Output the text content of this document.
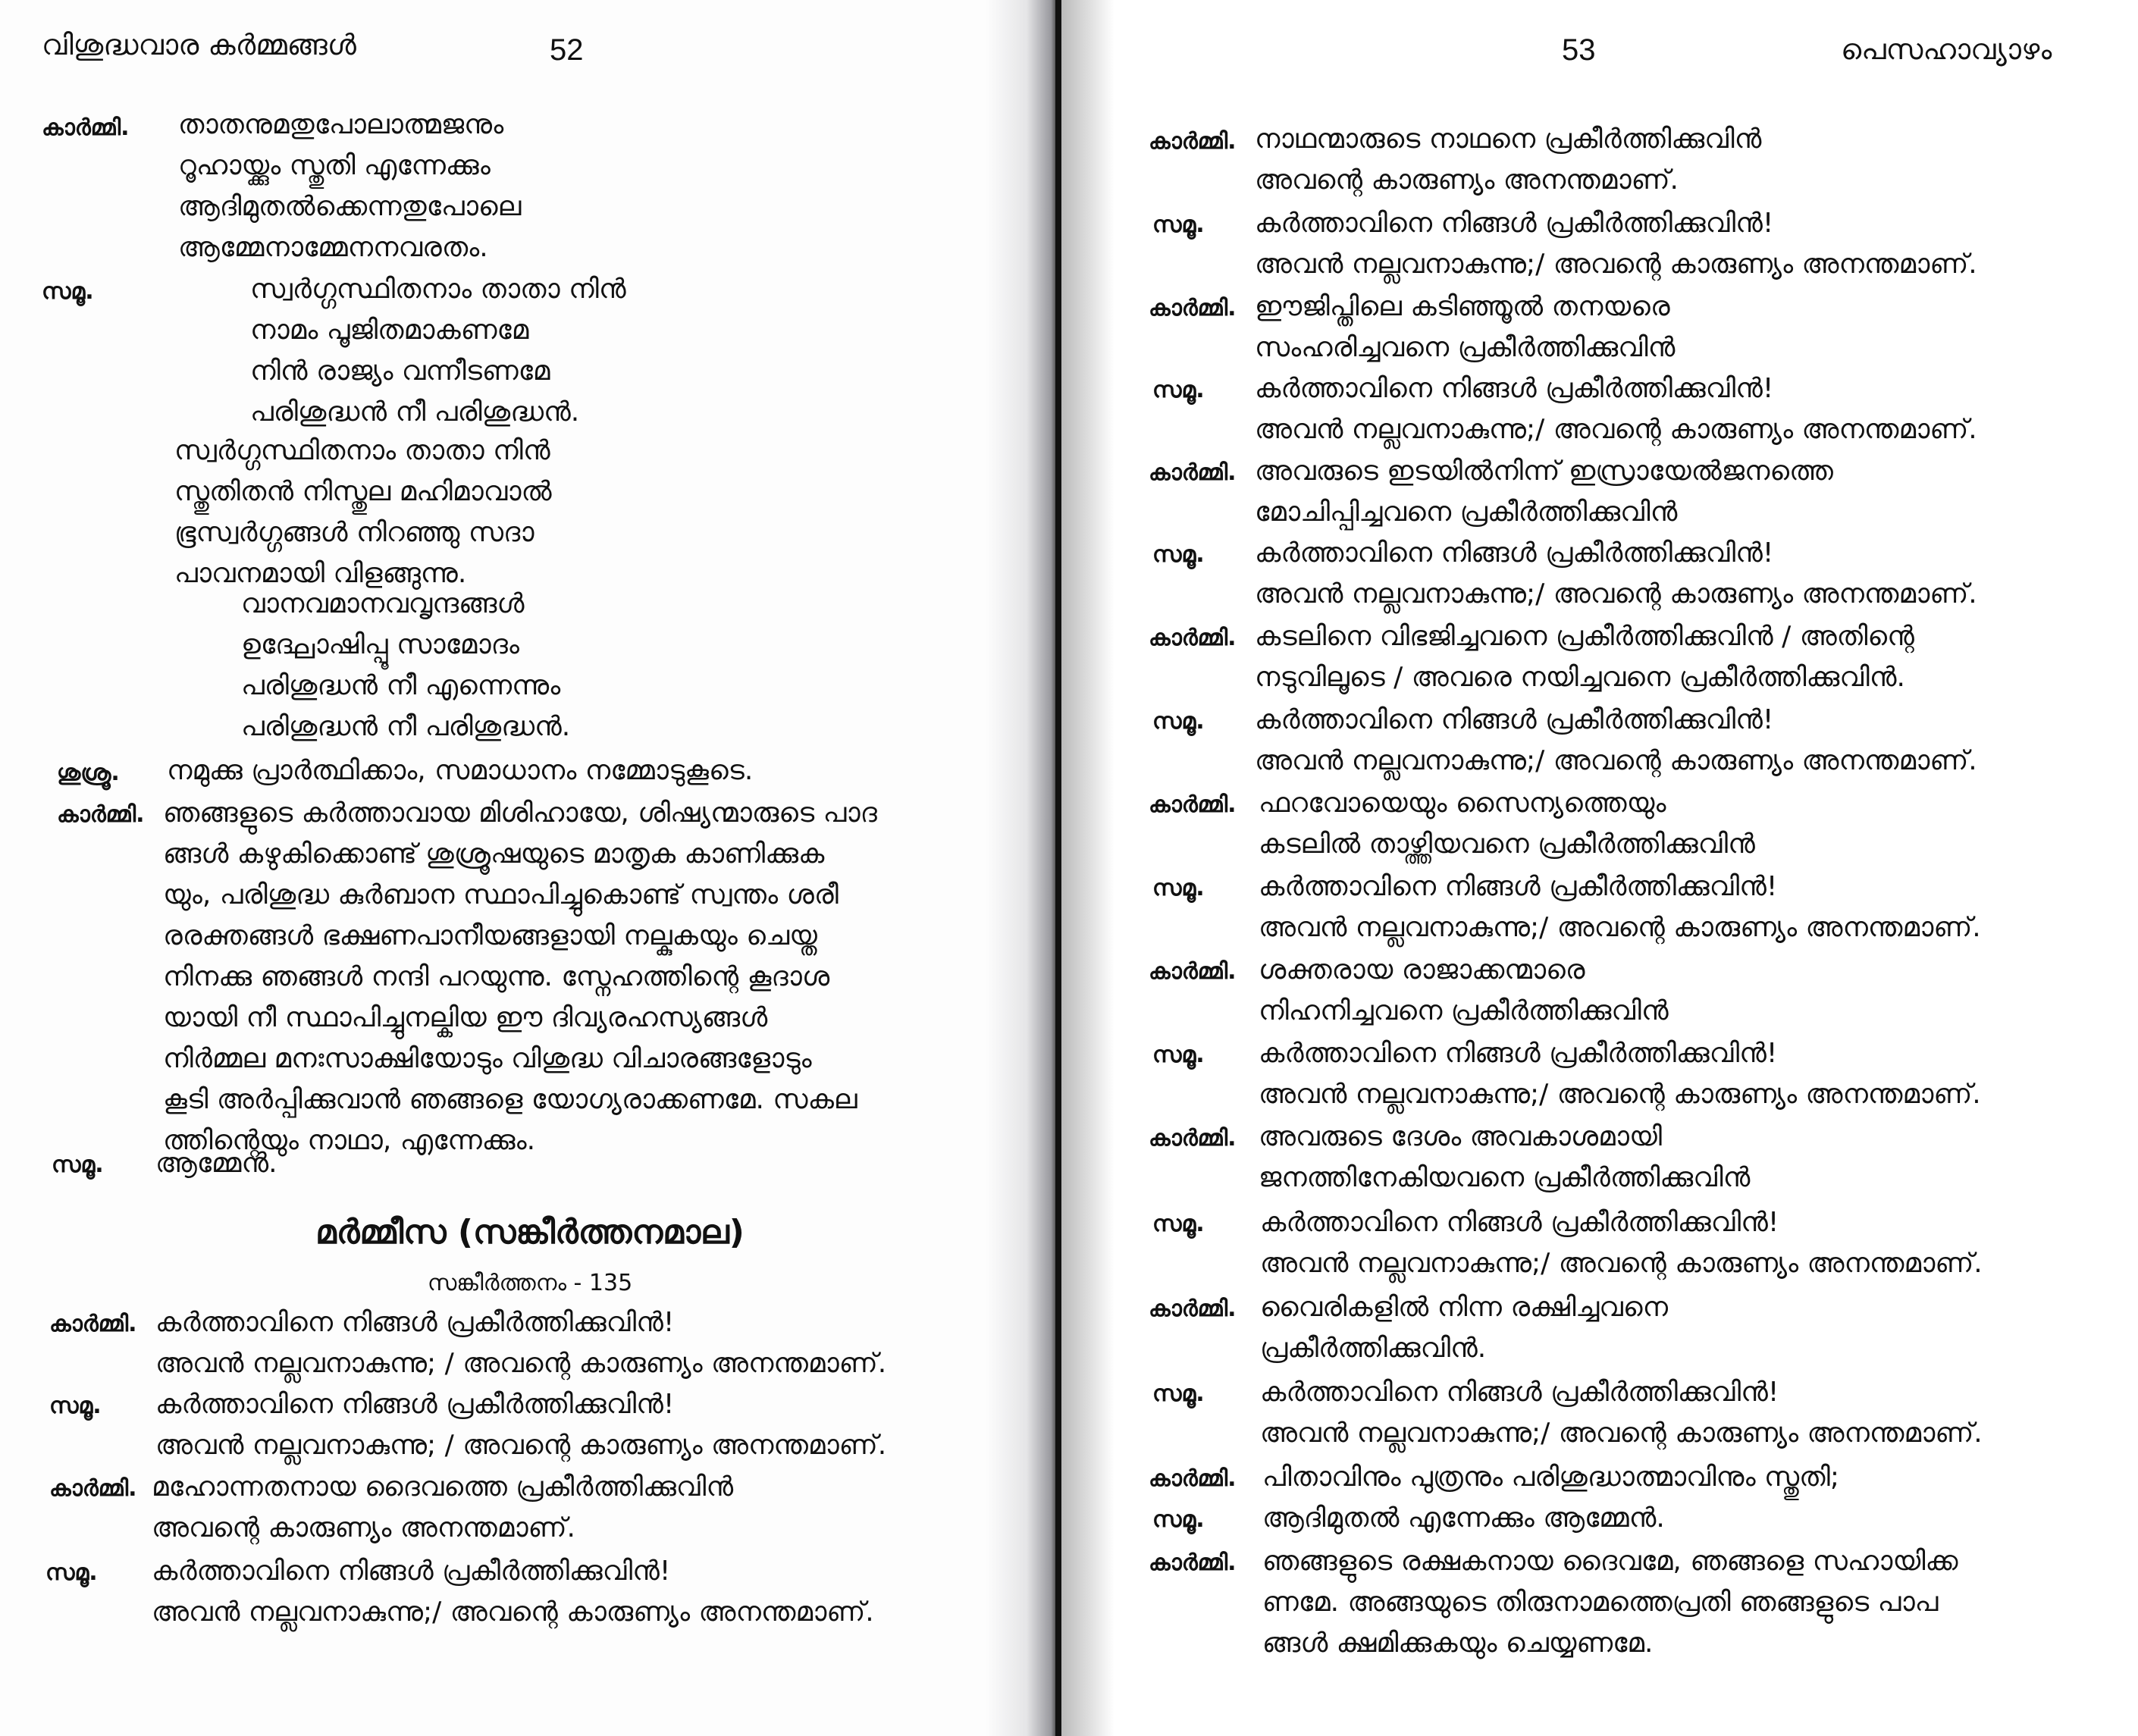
വിശുദ്ധവാര കർമ്മങ്ങൾ	52
കാർമ്മി. താതനുമതുപോലാത്മജനും
റൂഹായ്ക്കും സ്തുതി എന്നേക്കും
ആദിമുതൽക്കെന്നതുപോലെ
ആമ്മേനാമ്മേനനവരതം.
സമൂ.	സ്വർഗ്ഗസ്ഥിതനാം താതാ നിൻ
നാമം പൂജിതമാകണമേ
നിൻ രാജ്യം വന്നീടണമേ
പരിശുദ്ധൻ നീ പരിശുദ്ധൻ.
സ്വർഗ്ഗസ്ഥിതനാം താതാ നിൻ
സ്തുതിതൻ നിസ്തുല മഹിമാവാൽ
ഭൂസ്വർഗ്ഗങ്ങൾ നിറഞ്ഞു സദാ
പാവനമായി വിളങ്ങുന്നു.
വാനവമാനവവൃന്ദങ്ങൾ
ഉദ്ഘോഷിപ്പൂ സാമോദം
പരിശുദ്ധൻ നീ എന്നെന്നും
പരിശുദ്ധൻ നീ പരിശുദ്ധൻ.
ശുശ്രൂ. നമുക്കു പ്രാർത്ഥിക്കാം, സമാധാനം നമ്മോടുകൂടെ.
കാർമ്മി. ഞങ്ങളുടെ കർത്താവായ മിശിഹായേ, ശിഷ്യന്മാരുടെ പാദ
ങ്ങൾ കഴുകിക്കൊണ്ട് ശുശ്രൂഷയുടെ മാതൃക കാണിക്കുക
യും, പരിശുദ്ധ കുർബാന സ്ഥാപിച്ചുകൊണ്ട് സ്വന്തം ശരീ
രരക്തങ്ങൾ ഭക്ഷണപാനീയങ്ങളായി നല്കുകയും ചെയ്ത
നിനക്കു ഞങ്ങൾ നന്ദി പറയുന്നു. സ്നേഹത്തിന്റെ കൂദാശ
യായി നീ സ്ഥാപിച്ചുനല്കിയ ഈ ദിവ്യരഹസ്യങ്ങൾ
നിർമ്മല മനഃസാക്ഷിയോടും വിശുദ്ധ വിചാരങ്ങളോടും
കൂടി അർപ്പിക്കുവാൻ ഞങ്ങളെ യോഗ്യരാക്കണമേ. സകല
ത്തിന്റെയും നാഥാ, എന്നേക്കും.
സമൂ. ആമ്മേൻ.
മർമ്മീസ (സങ്കീർത്തനമാല)
സങ്കീർത്തനം - 135
കാർമ്മി. കർത്താവിനെ നിങ്ങൾ പ്രകീർത്തിക്കുവിൻ!
അവൻ നല്ലവനാകുന്നു; / അവന്റെ കാരുണ്യം അനന്തമാണ്.
സമൂ. കർത്താവിനെ നിങ്ങൾ പ്രകീർത്തിക്കുവിൻ!
അവൻ നല്ലവനാകുന്നു; / അവന്റെ കാരുണ്യം അനന്തമാണ്.
കാർമ്മി. മഹോന്നതനായ ദൈവത്തെ പ്രകീർത്തിക്കുവിൻ
അവന്റെ കാരുണ്യം അനന്തമാണ്.
സമൂ. കർത്താവിനെ നിങ്ങൾ പ്രകീർത്തിക്കുവിൻ!
അവൻ നല്ലവനാകുന്നു;/ അവന്റെ കാരുണ്യം അനന്തമാണ്.
53	പെസഹാവ്യാഴം
കാർമ്മി. നാഥന്മാരുടെ നാഥനെ പ്രകീർത്തിക്കുവിൻ
അവന്റെ കാരുണ്യം അനന്തമാണ്.
സമൂ. കർത്താവിനെ നിങ്ങൾ പ്രകീർത്തിക്കുവിൻ!
അവൻ നല്ലവനാകുന്നു;/ അവന്റെ കാരുണ്യം അനന്തമാണ്.
കാർമ്മി. ഈജിപ്തിലെ കടിഞ്ഞൂൽ തനയരെ
സംഹരിച്ചവനെ പ്രകീർത്തിക്കുവിൻ
സമൂ. കർത്താവിനെ നിങ്ങൾ പ്രകീർത്തിക്കുവിൻ!
അവൻ നല്ലവനാകുന്നു;/ അവന്റെ കാരുണ്യം അനന്തമാണ്.
കാർമ്മി. അവരുടെ ഇടയിൽനിന്ന് ഇസ്രായേൽജനത്തെ
മോചിപ്പിച്ചവനെ പ്രകീർത്തിക്കുവിൻ
സമൂ. കർത്താവിനെ നിങ്ങൾ പ്രകീർത്തിക്കുവിൻ!
അവൻ നല്ലവനാകുന്നു;/ അവന്റെ കാരുണ്യം അനന്തമാണ്.
കാർമ്മി. കടലിനെ വിഭജിച്ചവനെ പ്രകീർത്തിക്കുവിൻ / അതിന്റെ
നടുവിലൂടെ / അവരെ നയിച്ചവനെ പ്രകീർത്തിക്കുവിൻ.
സമൂ. കർത്താവിനെ നിങ്ങൾ പ്രകീർത്തിക്കുവിൻ!
അവൻ നല്ലവനാകുന്നു;/ അവന്റെ കാരുണ്യം അനന്തമാണ്.
കാർമ്മി. ഫറവോയെയും സൈന്യത്തെയും
കടലിൽ താഴ്ത്തിയവനെ പ്രകീർത്തിക്കുവിൻ
സമൂ. കർത്താവിനെ നിങ്ങൾ പ്രകീർത്തിക്കുവിൻ!
അവൻ നല്ലവനാകുന്നു;/ അവന്റെ കാരുണ്യം അനന്തമാണ്.
കാർമ്മി. ശക്തരായ രാജാക്കന്മാരെ
നിഹനിച്ചവനെ പ്രകീർത്തിക്കുവിൻ
സമൂ. കർത്താവിനെ നിങ്ങൾ പ്രകീർത്തിക്കുവിൻ!
അവൻ നല്ലവനാകുന്നു;/ അവന്റെ കാരുണ്യം അനന്തമാണ്.
കാർമ്മി. അവരുടെ ദേശം അവകാശമായി
ജനത്തിനേകിയവനെ പ്രകീർത്തിക്കുവിൻ
സമൂ. കർത്താവിനെ നിങ്ങൾ പ്രകീർത്തിക്കുവിൻ!
അവൻ നല്ലവനാകുന്നു;/ അവന്റെ കാരുണ്യം അനന്തമാണ്.
കാർമ്മി. വൈരികളിൽ നിന്ന രക്ഷിച്ചവനെ
പ്രകീർത്തിക്കുവിൻ.
സമൂ. കർത്താവിനെ നിങ്ങൾ പ്രകീർത്തിക്കുവിൻ!
അവൻ നല്ലവനാകുന്നു;/ അവന്റെ കാരുണ്യം അനന്തമാണ്.
കാർമ്മി. പിതാവിനും പുത്രനും പരിശുദ്ധാത്മാവിനും സ്തുതി;
സമൂ. ആദിമുതൽ എന്നേക്കും ആമ്മേൻ.
കാർമ്മി. ഞങ്ങളുടെ രക്ഷകനായ ദൈവമേ, ഞങ്ങളെ സഹായിക്ക
ണമേ. അങ്ങയുടെ തിരുനാമത്തെപ്രതി ഞങ്ങളുടെ പാപ
ങ്ങൾ ക്ഷമിക്കുകയും ചെയ്യണമേ.
